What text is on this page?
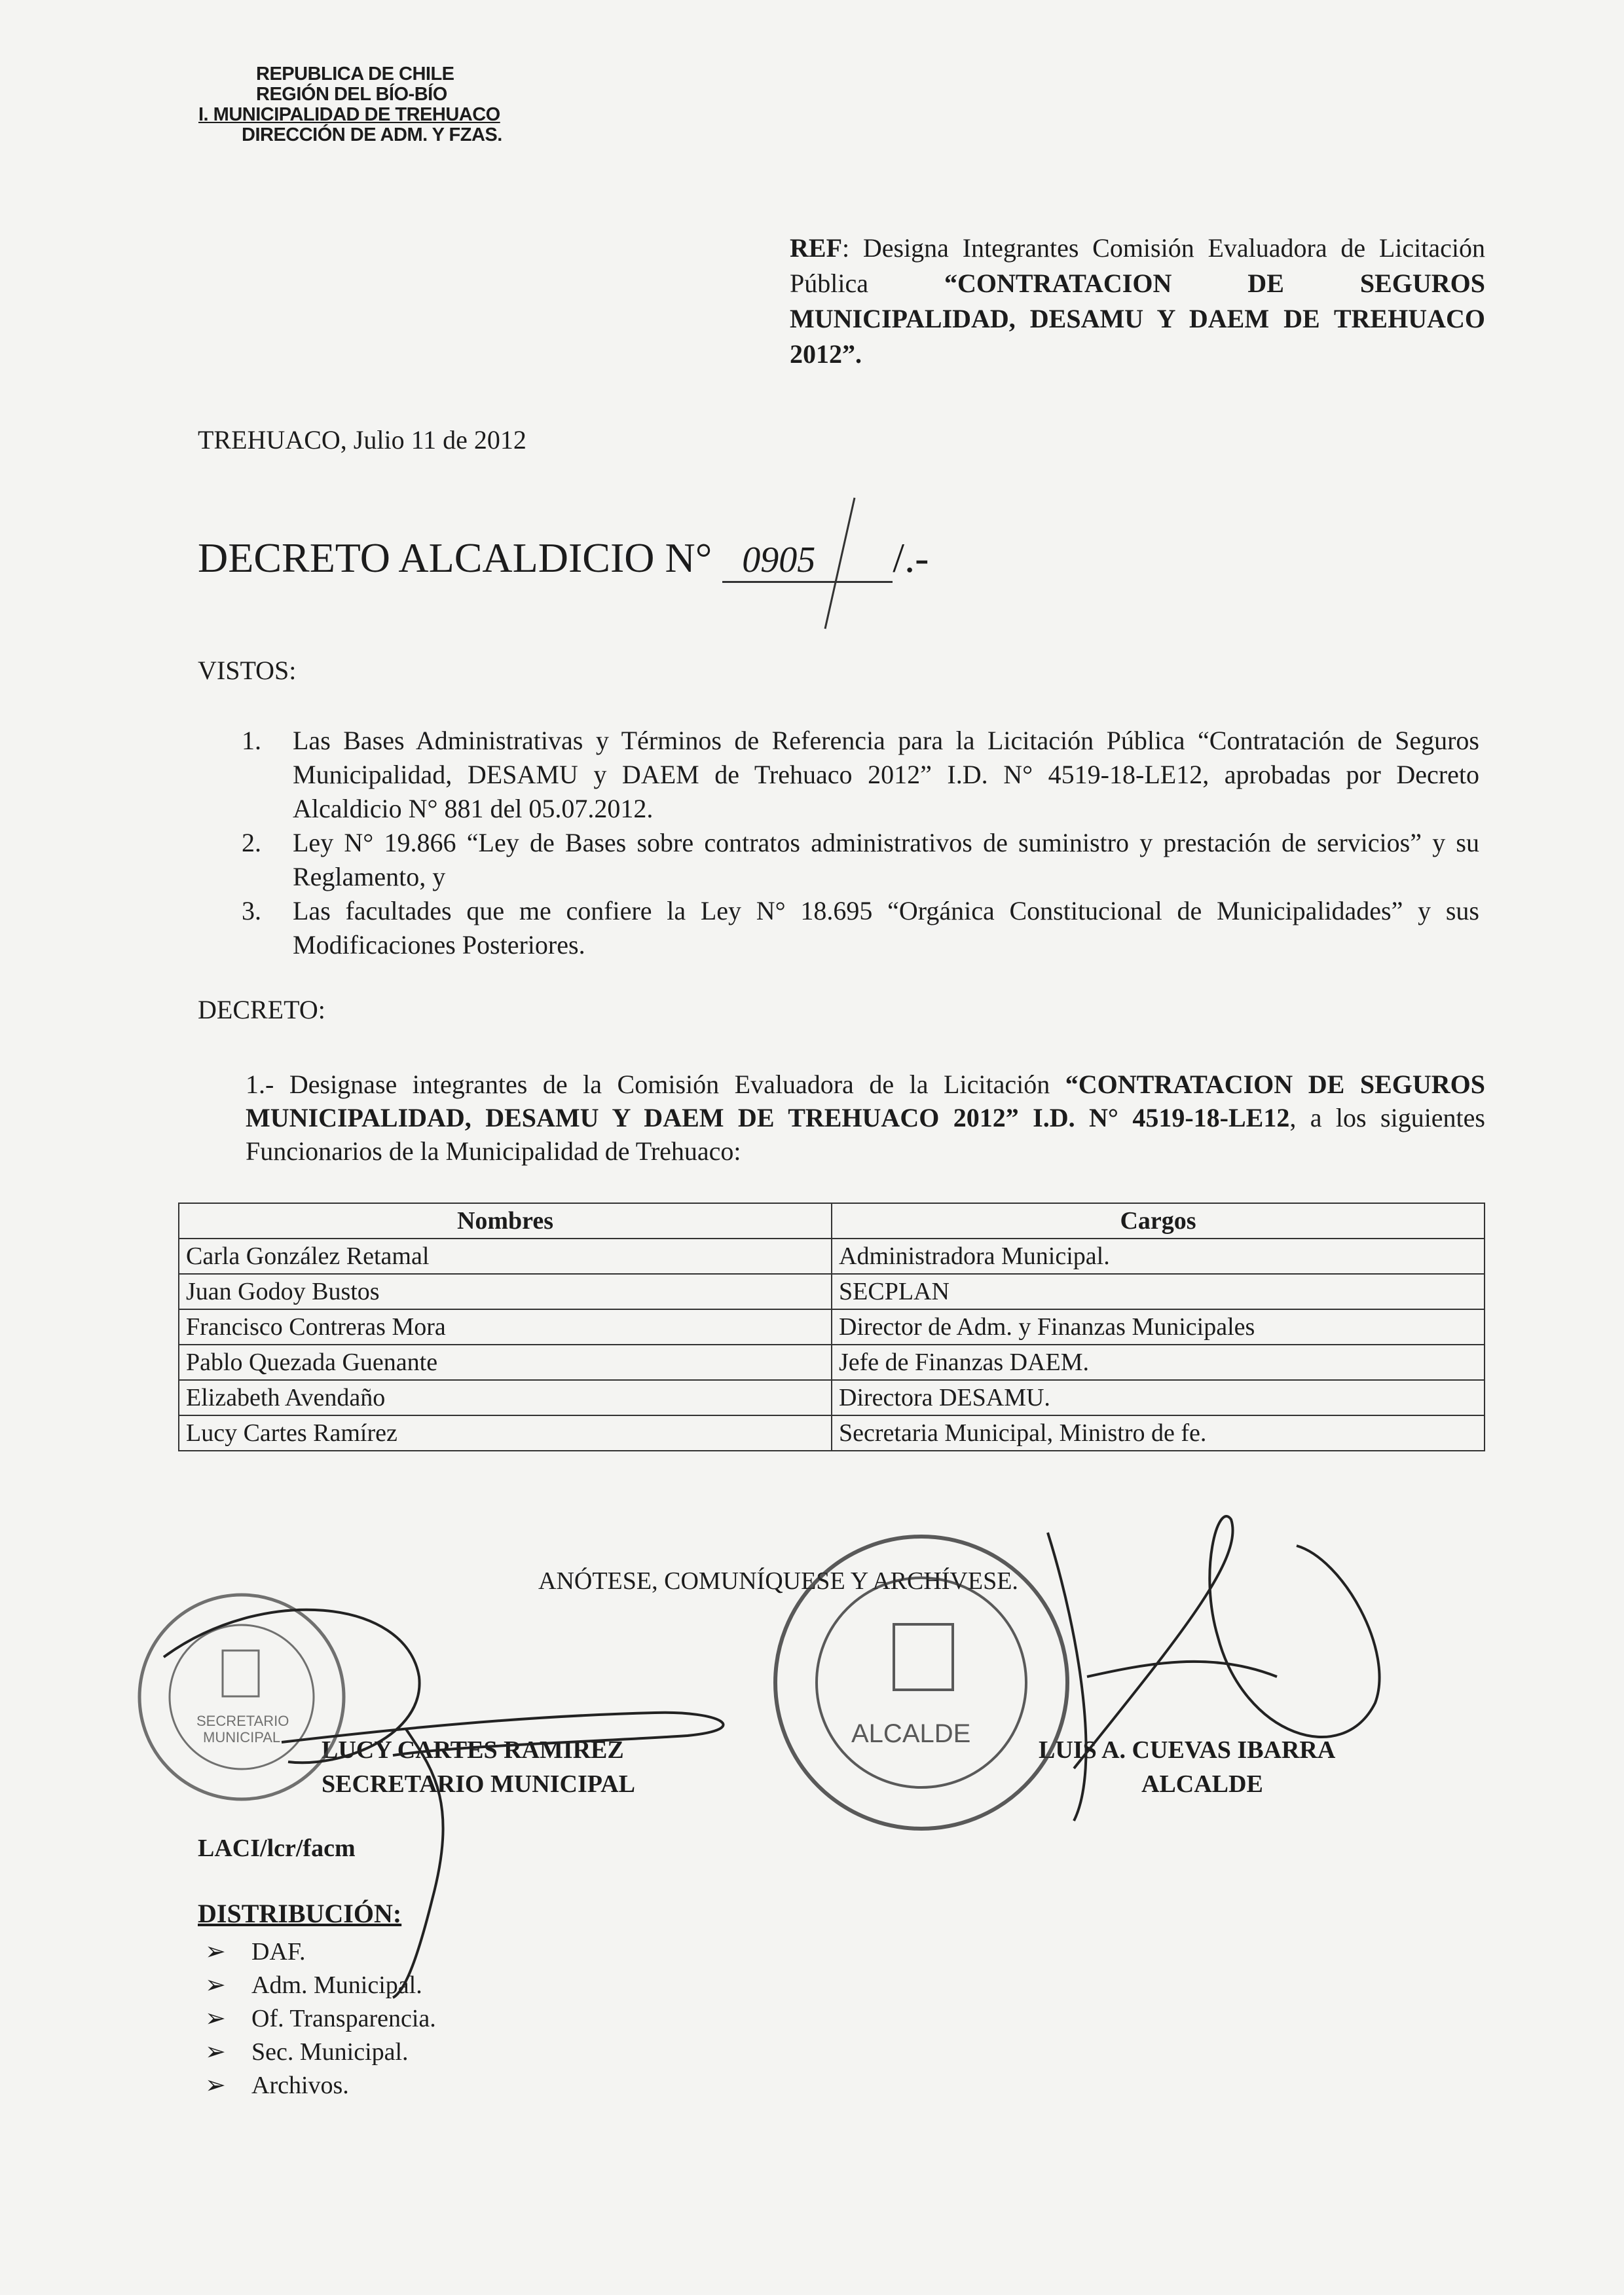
REPUBLICA DE CHILE
REGIÓN DEL BÍO-BÍO
I. MUNICIPALIDAD DE TREHUACO
DIRECCIÓN DE ADM. Y FZAS.
REF: Designa Integrantes Comisión Evaluadora de Licitación Pública “CONTRATACION DE SEGUROS MUNICIPALIDAD, DESAMU Y DAEM DE TREHUACO 2012”.
TREHUACO, Julio 11 de 2012
DECRETO ALCALDICIO N° 0905 /.-
VISTOS:
1.	Las Bases Administrativas y Términos de Referencia para la Licitación Pública “Contratación de Seguros Municipalidad, DESAMU y DAEM de Trehuaco 2012” I.D. N° 4519-18-LE12, aprobadas por Decreto Alcaldicio N° 881 del 05.07.2012.
2.	Ley N° 19.866 “Ley de Bases sobre contratos administrativos de suministro y prestación de servicios” y su Reglamento, y
3.	Las facultades que me confiere la Ley N° 18.695 “Orgánica Constitucional de Municipalidades” y sus Modificaciones Posteriores.
DECRETO:
1.- Designase integrantes de la Comisión Evaluadora de la Licitación “CONTRATACION DE SEGUROS MUNICIPALIDAD, DESAMU Y DAEM DE TREHUACO 2012” I.D. N° 4519-18-LE12, a los siguientes Funcionarios de la Municipalidad de Trehuaco:
Nombres	Cargos
Carla González Retamal	Administradora Municipal.
Juan Godoy Bustos	SECPLAN
Francisco Contreras Mora	Director de Adm. y Finanzas Municipales
Pablo Quezada Guenante	Jefe de Finanzas DAEM.
Elizabeth Avendaño	Directora DESAMU.
Lucy Cartes Ramírez	Secretaria Municipal, Ministro de fe.
ANÓTESE, COMUNÍQUESE Y ARCHÍVESE.
LUCY CARTES RAMIREZ
SECRETARIO MUNICIPAL
LUIS A. CUEVAS IBARRA
ALCALDE
LACI/lcr/facm
DISTRIBUCIÓN:
➢	DAF.
➢	Adm. Municipal.
➢	Of. Transparencia.
➢	Sec. Municipal.
➢	Archivos.
SECRETARIO
MUNICIPAL	ALCALDE
